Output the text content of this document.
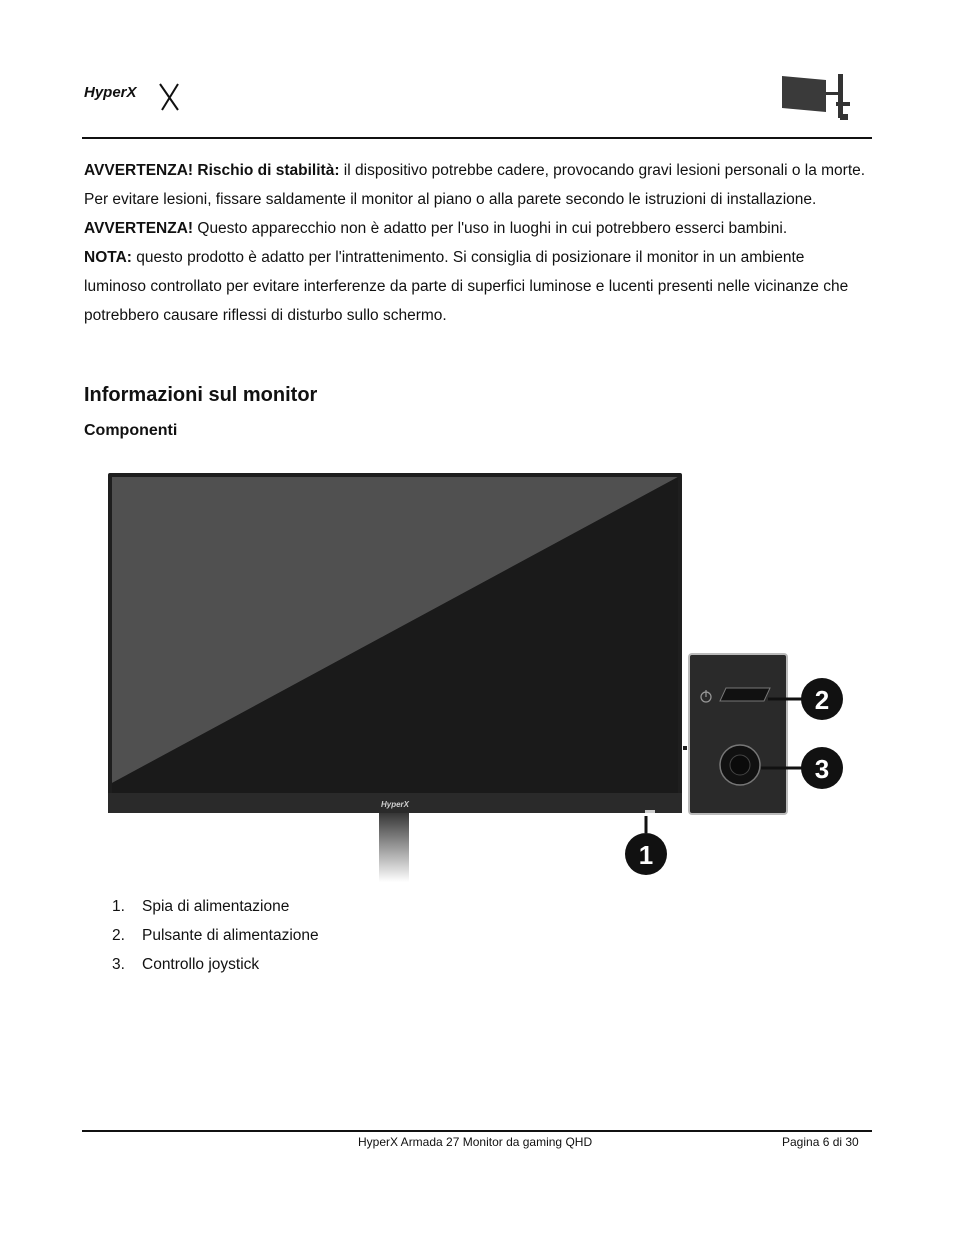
HyperX

AVVERTENZA! Rischio di stabilità: il dispositivo potrebbe cadere, provocando gravi lesioni personali o la morte. Per evitare lesioni, fissare saldamente il monitor al piano o alla parete secondo le istruzioni di installazione.

AVVERTENZA! Questo apparecchio non è adatto per l'uso in luoghi in cui potrebbero esserci bambini.

NOTA: questo prodotto è adatto per l'intrattenimento. Si consiglia di posizionare il monitor in un ambiente luminoso controllato per evitare interferenze da parte di superfici luminose e lucenti presenti nelle vicinanze che potrebbero causare riflessi di disturbo sullo schermo.

Informazioni sul monitor
Componenti
HyperX
2
3
1
1. Spia di alimentazione
2. Pulsante di alimentazione
3. Controllo joystick
HyperX Armada 27 Monitor da gaming QHD	Pagina 6 di 30
